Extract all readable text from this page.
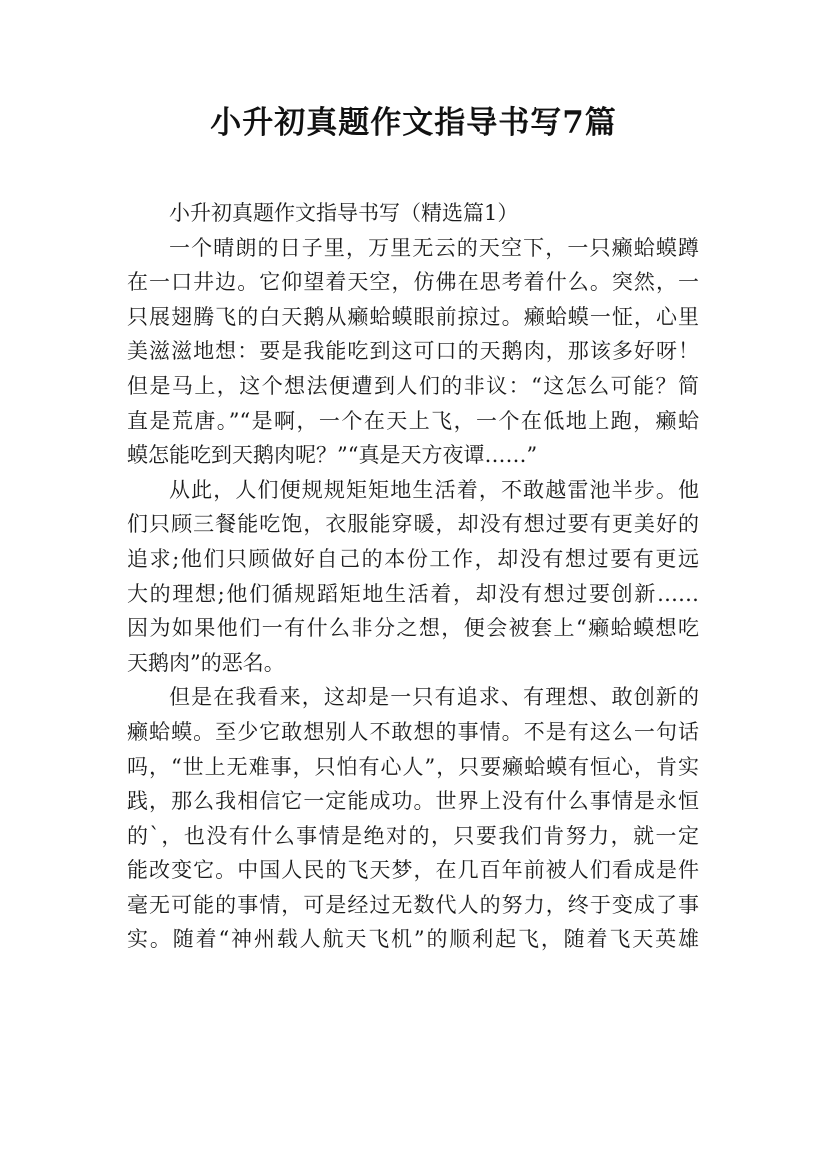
小升初真题作文指导书写7篇
小升初真题作文指导书写（精选篇1）
一个晴朗的日子里，万里无云的天空下，一只癞蛤蟆蹲
在一口井边。它仰望着天空，仿佛在思考着什么。突然，一
只展翅腾飞的白天鹅从癞蛤蟆眼前掠过。癞蛤蟆一怔，心里
美滋滋地想：要是我能吃到这可口的天鹅肉，那该多好呀！
但是马上，这个想法便遭到人们的非议：“这怎么可能？简
直是荒唐。”“是啊，一个在天上飞，一个在低地上跑，癞蛤
蟆怎能吃到天鹅肉呢？”“真是天方夜谭……”
从此，人们便规规矩矩地生活着，不敢越雷池半步。他
们只顾三餐能吃饱，衣服能穿暖，却没有想过要有更美好的
追求;他们只顾做好自己的本份工作，却没有想过要有更远
大的理想;他们循规蹈矩地生活着，却没有想过要创新……
因为如果他们一有什么非分之想，便会被套上“癞蛤蟆想吃
天鹅肉”的恶名。
但是在我看来，这却是一只有追求、有理想、敢创新的
癞蛤蟆。至少它敢想别人不敢想的事情。不是有这么一句话
吗，“世上无难事，只怕有心人”，只要癞蛤蟆有恒心，肯实
践，那么我相信它一定能成功。世界上没有什么事情是永恒
的`，也没有什么事情是绝对的，只要我们肯努力，就一定
能改变它。中国人民的飞天梦，在几百年前被人们看成是件
毫无可能的事情，可是经过无数代人的努力，终于变成了事
实。随着“神州载人航天飞机”的顺利起飞，随着飞天英雄
